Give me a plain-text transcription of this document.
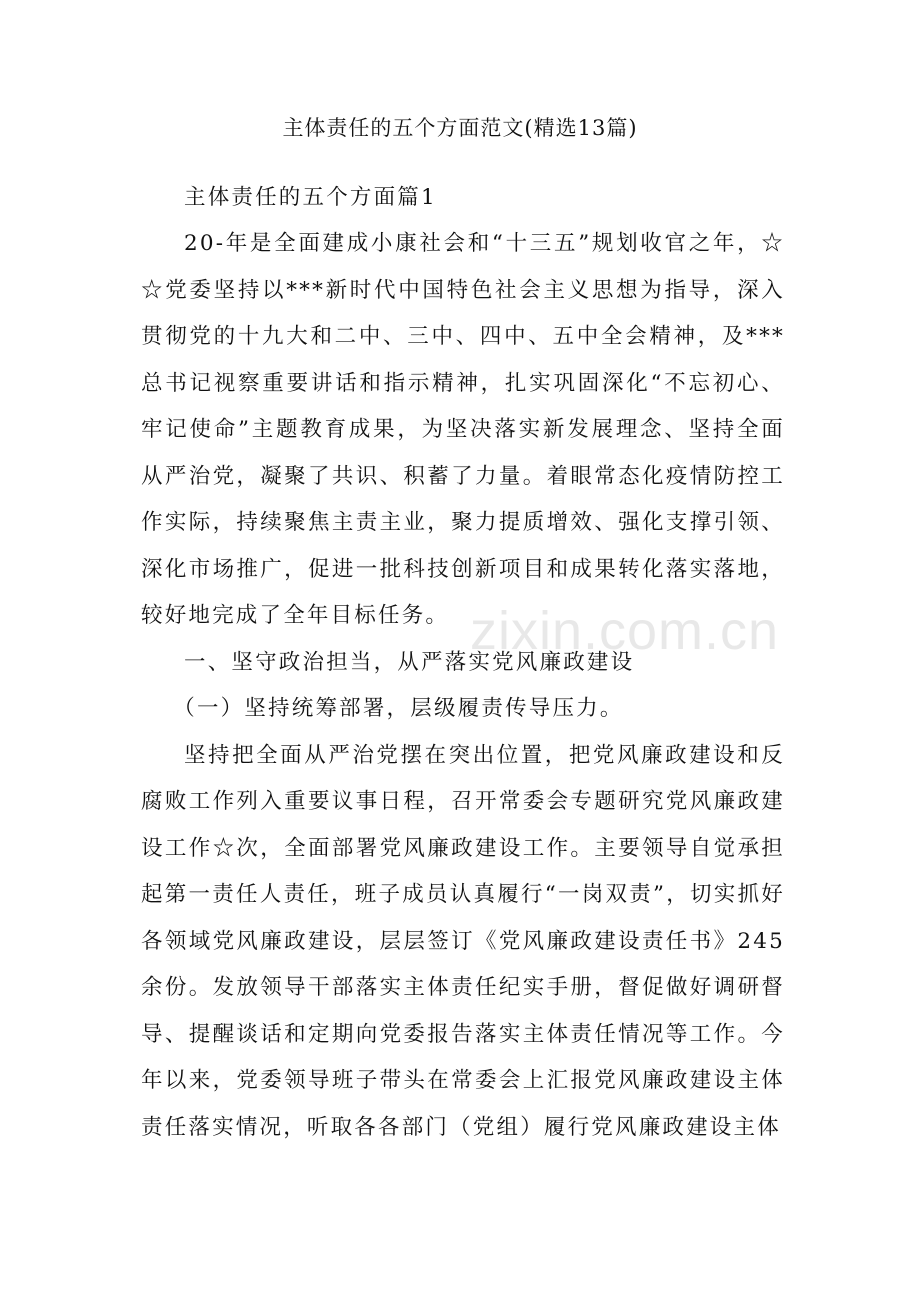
主体责任的五个方面范文(精选13篇)

主体责任的五个方面篇1

20-年是全面建成小康社会和“十三五”规划收官之年，☆☆党委坚持以***新时代中国特色社会主义思想为指导，深入贯彻党的十九大和二中、三中、四中、五中全会精神，及***总书记视察重要讲话和指示精神，扎实巩固深化“不忘初心、牢记使命”主题教育成果，为坚决落实新发展理念、坚持全面从严治党，凝聚了共识、积蓄了力量。着眼常态化疫情防控工作实际，持续聚焦主责主业，聚力提质增效、强化支撑引领、深化市场推广，促进一批科技创新项目和成果转化落实落地，较好地完成了全年目标任务。

一、坚守政治担当，从严落实党风廉政建设

（一）坚持统筹部署，层级履责传导压力。

坚持把全面从严治党摆在突出位置，把党风廉政建设和反腐败工作列入重要议事日程，召开常委会专题研究党风廉政建设工作☆次，全面部署党风廉政建设工作。主要领导自觉承担起第一责任人责任，班子成员认真履行“一岗双责”，切实抓好各领域党风廉政建设，层层签订《党风廉政建设责任书》245余份。发放领导干部落实主体责任纪实手册，督促做好调研督导、提醒谈话和定期向党委报告落实主体责任情况等工作。今年以来，党委领导班子带头在常委会上汇报党风廉政建设主体责任落实情况，听取各各部门（党组）履行党风廉政建设主体

zixin.com.cn
